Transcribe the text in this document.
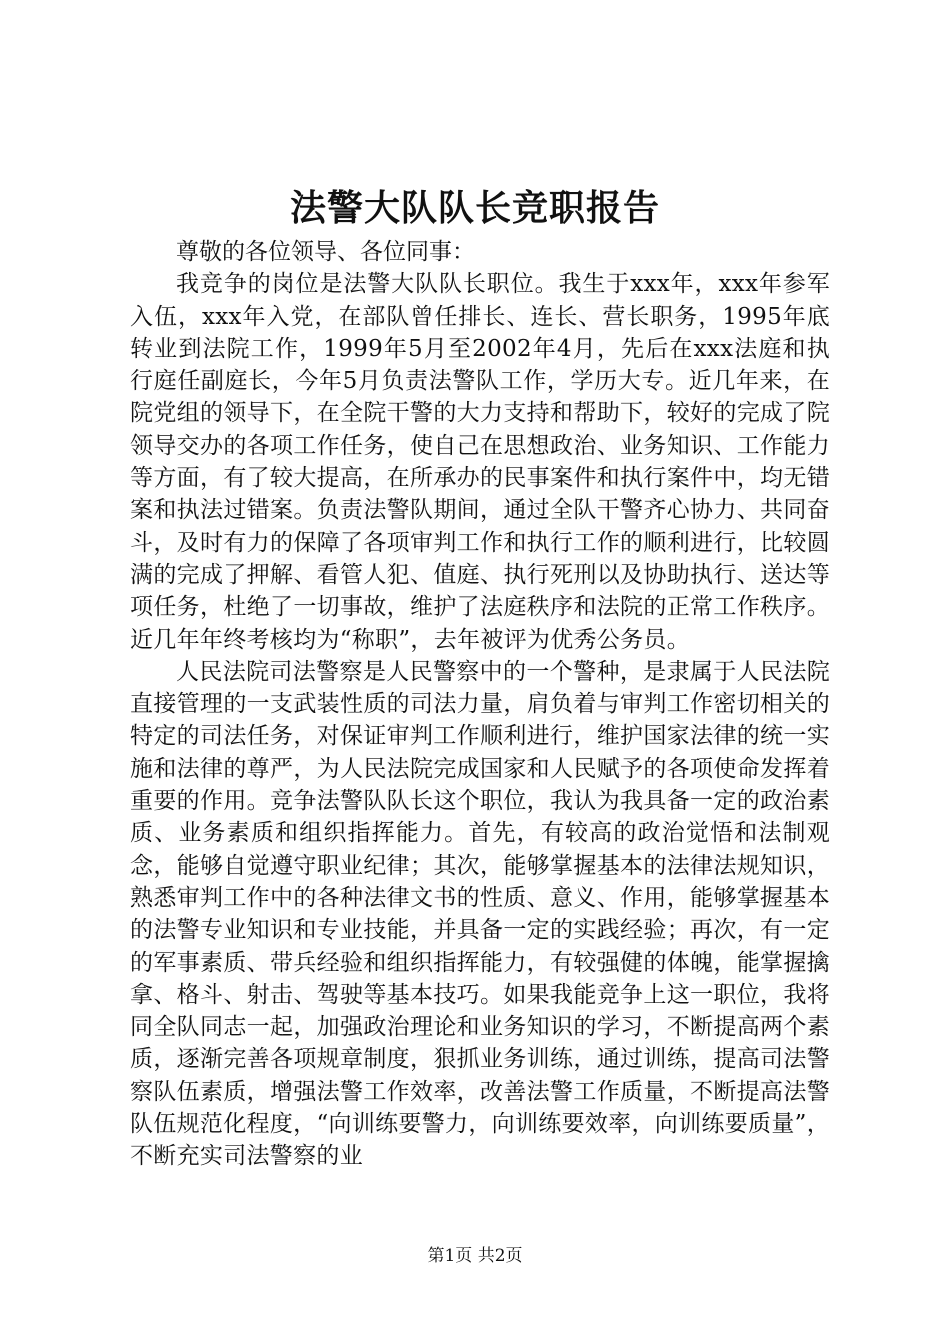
法警大队队长竞职报告

尊敬的各位领导、各位同事：

我竞争的岗位是法警大队队长职位。我生于xxx年，xxx年参军入伍，xxx年入党，在部队曾任排长、连长、营长职务，1995年底转业到法院工作，1999年5月至2002年4月，先后在xxx法庭和执行庭任副庭长，今年5月负责法警队工作，学历大专。近几年来，在院党组的领导下，在全院干警的大力支持和帮助下，较好的完成了院领导交办的各项工作任务，使自己在思想政治、业务知识、工作能力等方面，有了较大提高，在所承办的民事案件和执行案件中，均无错案和执法过错案。负责法警队期间，通过全队干警齐心协力、共同奋斗，及时有力的保障了各项审判工作和执行工作的顺利进行，比较圆满的完成了押解、看管人犯、值庭、执行死刑以及协助执行、送达等项任务，杜绝了一切事故，维护了法庭秩序和法院的正常工作秩序。近几年年终考核均为“称职”，去年被评为优秀公务员。

人民法院司法警察是人民警察中的一个警种，是隶属于人民法院直接管理的一支武装性质的司法力量，肩负着与审判工作密切相关的特定的司法任务，对保证审判工作顺利进行，维护国家法律的统一实施和法律的尊严，为人民法院完成国家和人民赋予的各项使命发挥着重要的作用。竞争法警队队长这个职位，我认为我具备一定的政治素质、业务素质和组织指挥能力。首先，有较高的政治觉悟和法制观念，能够自觉遵守职业纪律；其次，能够掌握基本的法律法规知识，熟悉审判工作中的各种法律文书的性质、意义、作用，能够掌握基本的法警专业知识和专业技能，并具备一定的实践经验；再次，有一定的军事素质、带兵经验和组织指挥能力，有较强健的体魄，能掌握擒拿、格斗、射击、驾驶等基本技巧。如果我能竞争上这一职位，我将同全队同志一起，加强政治理论和业务知识的学习，不断提高两个素质，逐渐完善各项规章制度，狠抓业务训练，通过训练，提高司法警察队伍素质，增强法警工作效率，改善法警工作质量，不断提高法警队伍规范化程度，“向训练要警力，向训练要效率，向训练要质量”，不断充实司法警察的业

第1页 共2页
